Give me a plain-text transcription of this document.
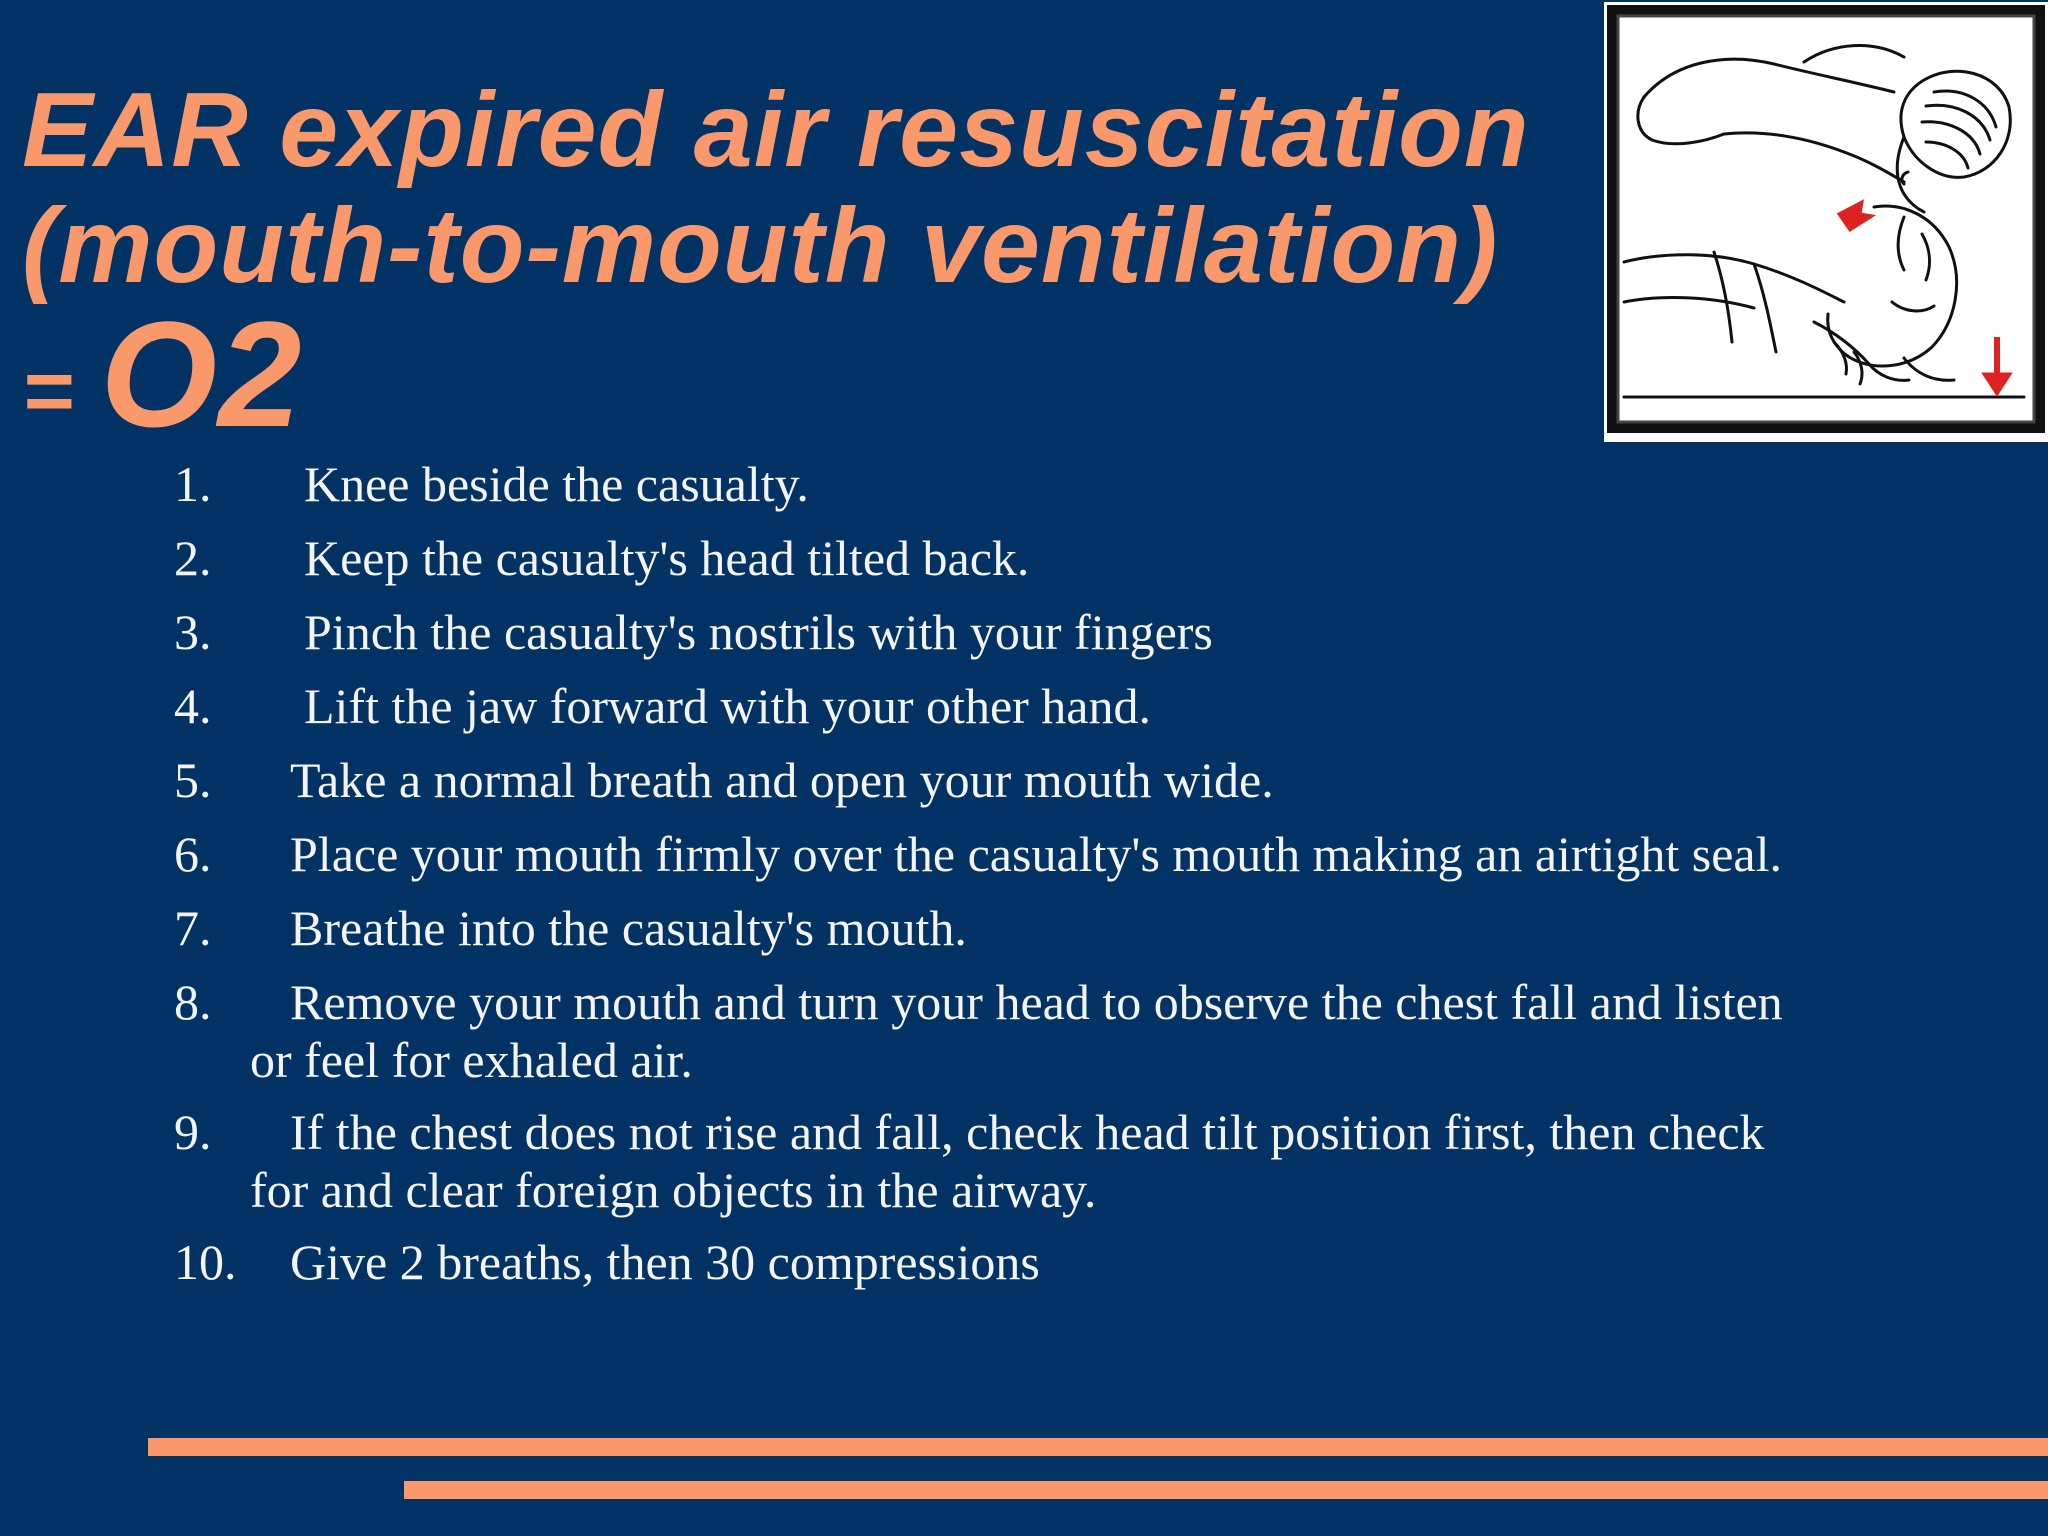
EAR expired air resuscitation
(mouth-to-mouth ventilation)
= O2
1. Knee beside the casualty.
2. Keep the casualty's head tilted back.
3. Pinch the casualty's nostrils with your fingers
4. Lift the jaw forward with your other hand.
5. Take a normal breath and open your mouth wide.
6. Place your mouth firmly over the casualty's mouth making an airtight seal.
7. Breathe into the casualty's mouth.
8. Remove your mouth and turn your head to observe the chest fall and listen
or feel for exhaled air.
9. If the chest does not rise and fall, check head tilt position first, then check
for and clear foreign objects in the airway.
10. Give 2 breaths, then 30 compressions
